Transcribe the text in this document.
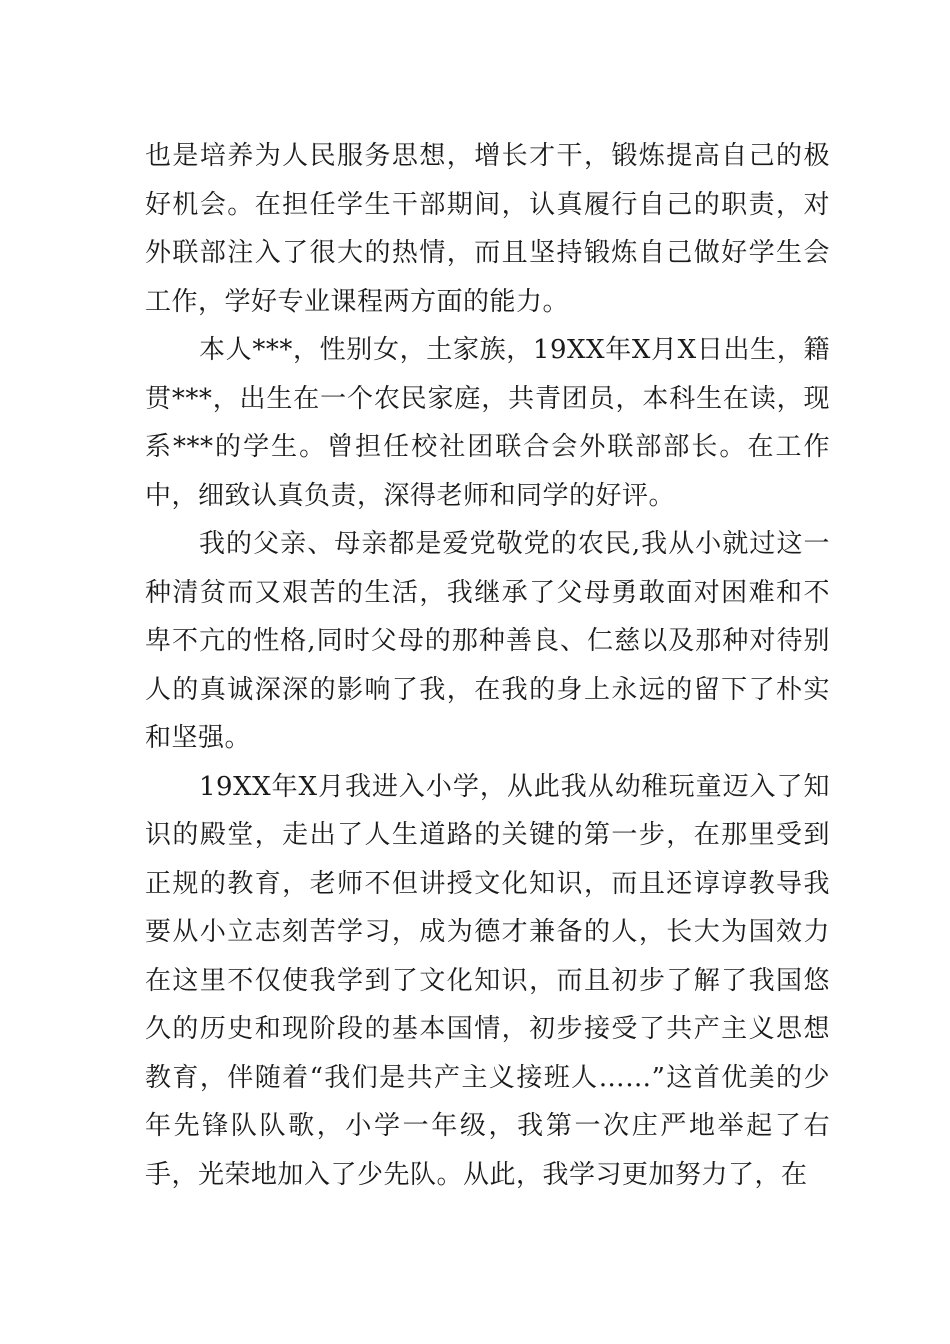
也是培养为人民服务思想，增长才干，锻炼提高自己的极好机会。在担任学生干部期间，认真履行自己的职责，对外联部注入了很大的热情，而且坚持锻炼自己做好学生会工作，学好专业课程两方面的能力。

本人***，性别女，土家族，19XX年X月X日出生，籍贯***，出生在一个农民家庭，共青团员，本科生在读，现系***的学生。曾担任校社团联合会外联部部长。在工作中，细致认真负责，深得老师和同学的好评。

我的父亲、母亲都是爱党敬党的农民,我从小就过这一种清贫而又艰苦的生活，我继承了父母勇敢面对困难和不卑不亢的性格,同时父母的那种善良、仁慈以及那种对待别人的真诚深深的影响了我，在我的身上永远的留下了朴实和坚强。

19XX年X月我进入小学，从此我从幼稚玩童迈入了知识的殿堂，走出了人生道路的关键的第一步，在那里受到正规的教育，老师不但讲授文化知识，而且还谆谆教导我要从小立志刻苦学习，成为德才兼备的人，长大为国效力在这里不仅使我学到了文化知识，而且初步了解了我国悠久的历史和现阶段的基本国情，初步接受了共产主义思想教育，伴随着“我们是共产主义接班人……”这首优美的少年先锋队队歌，小学一年级，我第一次庄严地举起了右手，光荣地加入了少先队。从此，我学习更加努力了，在
